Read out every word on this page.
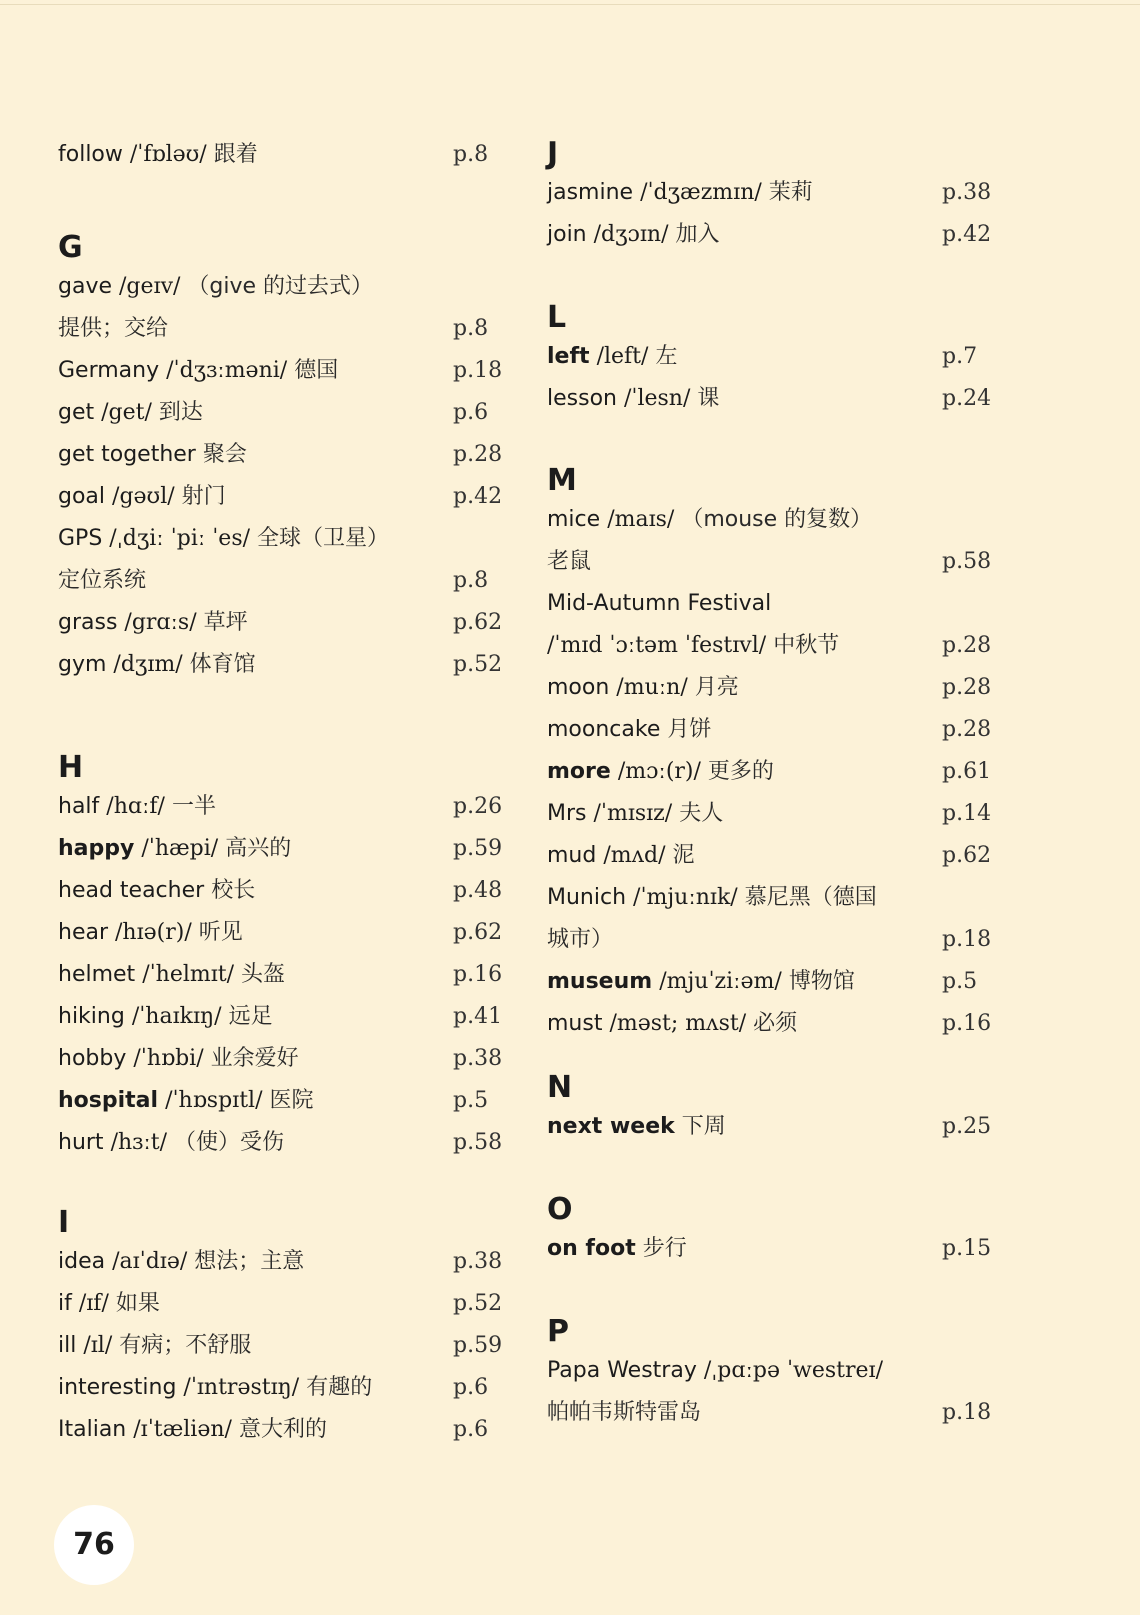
follow /ˈfɒləʊ/ 跟着	p.8
G
gave /geɪv/ （give 的过去式）
提供；交给	p.8
Germany /ˈdʒɜːməni/ 德国	p.18
get /get/ 到达	p.6
get together 聚会	p.28
goal /gəʊl/ 射门	p.42
GPS /ˌdʒiː ˈpiː ˈes/ 全球（卫星）
定位系统	p.8
grass /grɑːs/ 草坪	p.62
gym /dʒɪm/ 体育馆	p.52
H
half /hɑːf/ 一半	p.26
happy /ˈhæpi/ 高兴的	p.59
head teacher 校长	p.48
hear /hɪə(r)/ 听见	p.62
helmet /ˈhelmɪt/ 头盔	p.16
hiking /ˈhaɪkɪŋ/ 远足	p.41
hobby /ˈhɒbi/ 业余爱好	p.38
hospital /ˈhɒspɪtl/ 医院	p.5
hurt /hɜːt/ （使）受伤	p.58
I
idea /aɪˈdɪə/ 想法；主意	p.38
if /ɪf/ 如果	p.52
ill /ɪl/ 有病；不舒服	p.59
interesting /ˈɪntrəstɪŋ/ 有趣的	p.6
Italian /ɪˈtæliən/ 意大利的	p.6
J
jasmine /ˈdʒæzmɪn/ 茉莉	p.38
join /dʒɔɪn/ 加入	p.42
L
left /left/ 左	p.7
lesson /ˈlesn/ 课	p.24
M
mice /maɪs/ （mouse 的复数）
老鼠	p.58
Mid-Autumn Festival
/ˈmɪd ˈɔːtəm ˈfestɪvl/ 中秋节	p.28
moon /muːn/ 月亮	p.28
mooncake 月饼	p.28
more /mɔː(r)/ 更多的	p.61
Mrs /ˈmɪsɪz/ 夫人	p.14
mud /mʌd/ 泥	p.62
Munich /ˈmjuːnɪk/ 慕尼黑（德国
城市）	p.18
museum /mjuˈziːəm/ 博物馆	p.5
must /məst; mʌst/ 必须	p.16
N
next week 下周	p.25
O
on foot 步行	p.15
P
Papa Westray /ˌpɑːpə ˈwestreɪ/
帕帕韦斯特雷岛	p.18
76
